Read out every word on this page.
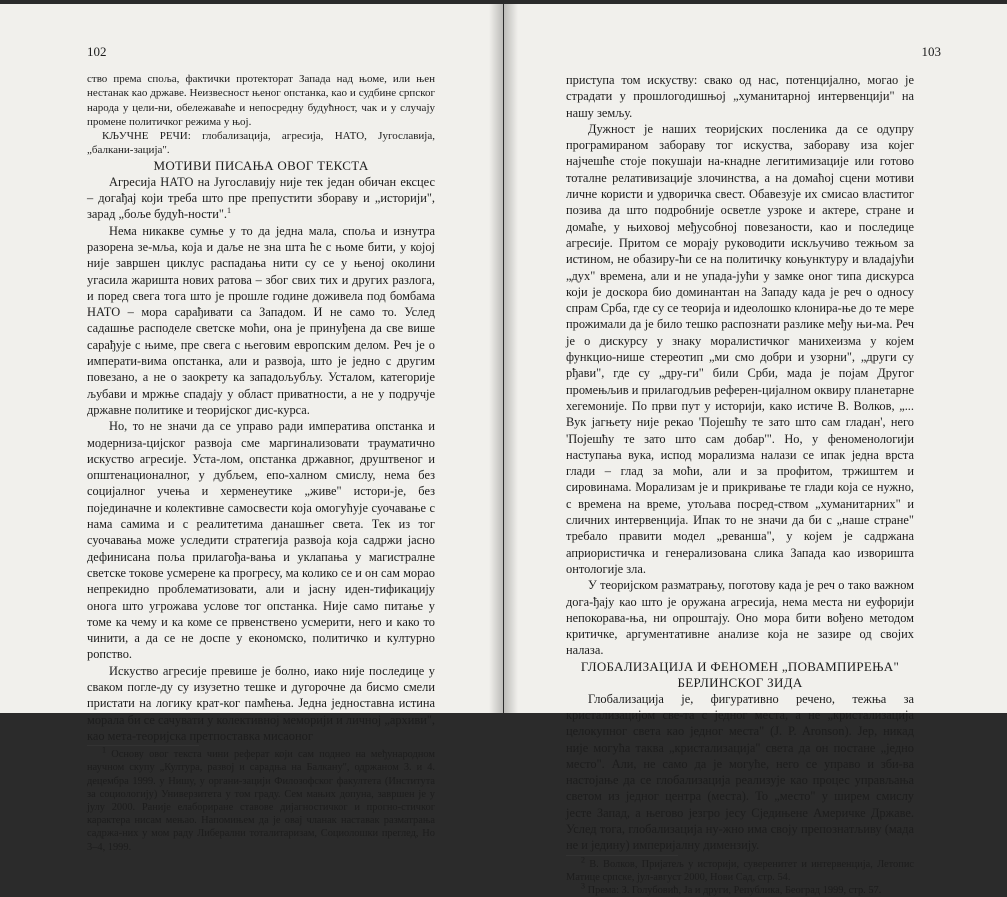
102

ство према споља, фактички протекторат Запада над њоме, или њен нестанак као државе. Неизвесност њеног опстанка, као и судбине српског народа у цели-ни, обележаваће и непосредну будућност, чак и у случају промене политичког режима у њој.

КЉУЧНЕ РЕЧИ: глобализација, агресија, НАТО, Југославија, „балкани-зација".

МОТИВИ ПИСАЊА ОВОГ ТЕКСТА

Агресија НАТО на Југославију није тек један обичан ексцес – догађај који треба што пре препустити збораву и „историји", зарад „боље будућ-ности".$^1$

Нема никакве сумње у то да једна мала, споља и изнутра разорена зе-мља, која и даље не зна шта ће с њоме бити, у којој није завршен циклус распадања нити су се у њеној околини угасила жаришта нових ратова – због свих тих и других разлога, и поред свега тога што је прошле године доживела под бомбама НАТО – мора сарађивати са Западом. И не само то. Услед садашње расподеле светске моћи, она је принуђена да све више сарађује с њиме, пре свега с његовим европским делом. Реч је о императи-вима опстанка, али и развоја, што је једно с другим повезано, а не о заокрету ка западољубљу. Усталом, категорије љубави и мржње спадају у област приватности, а не у подручје државне политике и теоријског дис-курса.

Но, то не значи да се управо ради императива опстанка и модерниза-цијског развоја сме маргинализовати трауматично искуство агресије. Уста-лом, опстанка државног, друштвеног и општенационалног, у дубљем, епо-халном смислу, нема без социјалног учења и херменеутике „живе" истори-је, без појединачне и колективне самосвести која омогућује суочавање с нама самима и с реалитетима данашњег света. Тек из тог суочавања може уследити стратегија развоја која садржи јасно дефинисана поља прилагођа-вања и уклапања у магистралне светске токове усмерене ка прогресу, ма колико се и он сам морао непрекидно проблематизовати, али и јасну иден-тификацију онога што угрожава услове тог опстанка. Није само питање у томе ка чему и ка коме се првенствено усмерити, него и како то чинити, а да се не доспе у економско, политичко и културно ропство.

Искуство агресије превише је болно, иако није последице у сваком погле-ду су изузетно тешке и дугорочне да бисмо смели пристати на логику крат-ког памћења. Једна једноставна истина морала би се сачувати у колективној меморији и личној „архиви", као мета-теоријска претпоставка мисаоног

$^1$ Основу овог текста чини реферат који сам поднео на међународном научном скупу „Култура, развој и сарадња на Балкану", одржаном 3. и 4. децембра 1999. у Нишу, у органи-зацији Филозофског факултета (Института за социологију) Универзитета у том граду. Сем мањих допуна, завршен је у јулу 2000. Раније елабориране ставове дијагностичког и прогно-стичког карактера нисам мењао. Напомињем да је овај чланак наставак разматрања садржа-них у мом раду Либерални тоталитаризам, Социолошки преглед, Но 3–4, 1999.

103

приступа том искуству: свако од нас, потенцијално, могао је страдати у прошлогодишњој „хуманитарној интервенцији" на нашу земљу.

Дужност је наших теоријских посленика да се одупру програмираном забораву тог искуства, забораву иза којег најчешће стоје покушаји на-кнадне легитимизације или готово тоталне релативизације злочинства, а на домаћој сцени мотиви личне користи и удворичка свест. Обавезује их смисао властитог позива да што подробније осветле узроке и актере, стране и домаће, у њиховој међусобној повезаности, као и последице агресије. Притом се морају руководити искључиво тежњом за истином, не обазиру-ћи се на политичку коњунктуру и владајући „дух" времена, али и не упада-јући у замке оног типа дискурса који је доскора био доминантан на Западу када је реч о односу спрам Срба, где су се теорија и идеолошко клонира-ње до те мере прожимали да је било тешко распознати разлике међу њи-ма. Реч је о дискурсу у знаку моралистичког манихеизма у којем функцио-нише стереотип „ми смо добри и узорни", „други су рђави", где су „дру-ги" били Срби, мада је појам Другог промењљив и прилагодљив референ-цијалном оквиру планетарне хегемоније. По први пут у историји, како истиче В. Волков, „... Вук јагњету није рекао 'Појешћу те зато што сам гладан', него 'Појешћу те зато што сам добар'". Но, у феноменологији наступања вука, испод морализма налази се ипак једна врста глади – глад за моћи, али и за профитом, тржиштем и сировинама. Морализам је и прикривање те глади која се нужно, с времена на време, утољава посред-ством „хуманитарних" и сличних интервенција. Ипак то не значи да би с „наше стране" требало правити модел „реванша", у којем је садржана априористичка и генерализована слика Запада као извориштa онтологије зла.

У теоријском разматрању, поготову када је реч о тако важном дога-ђају као што је оружана агресија, нема места ни еуфорији непокорава-ња, ни опроштају. Оно мора бити вођено методом критичке, аргументативне анализе која не зазире од својих налаза.

ГЛОБАЛИЗАЦИЈА И ФЕНОМЕН „ПОВАМПИРЕЊА" БЕРЛИНСКОГ ЗИДА

Глобализација је, фигуративно речено, тежња за кристализацијом све-та с једног места, а не „кристализација целокупног света као једног места" (J. P. Aronson). Јер, никад није могућа таква „кристализација" света да он постане „једно место". Али, не само да је могуће, него се управо и зби-ва настојање да се глобализација реализује као процес управљања светом из једног центра (места). То „место" у ширем смислу јесте Запад, а његово језгро јесу Сједињене Америчке Државе. Услед тога, глобализација ну-жно има своју препознатљиву (мада не и једину) империјалну димензију.

$^2$ В. Волков, Пријатељ у историји, суверенитет и интервенција, Летопис Матице српске, јул-август 2000, Нови Сад, стр. 54.

$^3$ Према: З. Голубовић, Ја и други, Република, Београд 1999, стр. 57.
